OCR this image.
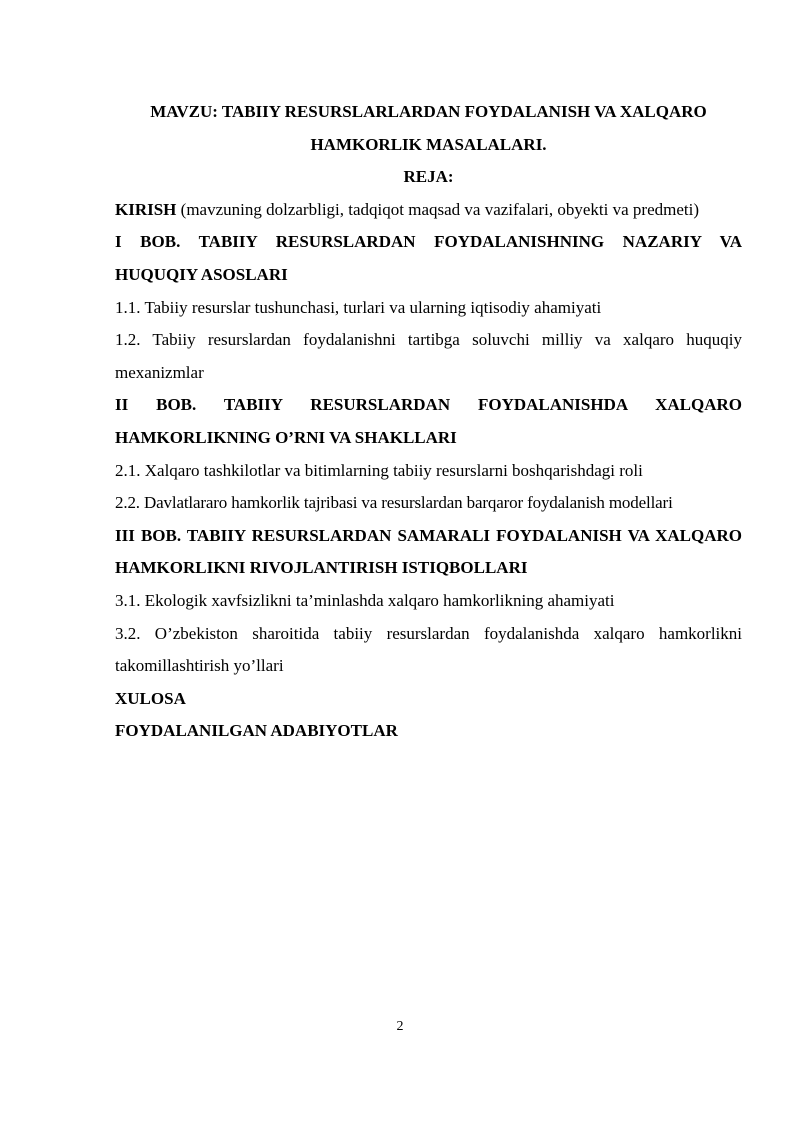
MAVZU: TABIIY RESURSLARLARDAN FOYDALANISH VA XALQARO HAMKORLIK MASALALARI.

REJA:

KIRISH (mavzuning dolzarbligi, tadqiqot maqsad va vazifalari, obyekti va predmeti)

I BOB. TABIIY RESURSLARDAN FOYDALANISHNING NAZARIY VA HUQUQIY ASOSLARI

1.1. Tabiiy resurslar tushunchasi, turlari va ularning iqtisodiy ahamiyati

1.2. Tabiiy resurslardan foydalanishni tartibga soluvchi milliy va xalqaro huquqiy mexanizmlar

II BOB. TABIIY RESURSLARDAN FOYDALANISHDA XALQARO HAMKORLIKNING O’RNI VA SHAKLLARI

2.1. Xalqaro tashkilotlar va bitimlarning tabiiy resurslarni boshqarishdagi roli

2.2. Davlatlararo hamkorlik tajribasi va resurslardan barqaror foydalanish modellari

III BOB. TABIIY RESURSLARDAN SAMARALI FOYDALANISH VA XALQARO HAMKORLIKNI RIVOJLANTIRISH ISTIQBOLLARI

3.1. Ekologik xavfsizlikni ta’minlashda xalqaro hamkorlikning ahamiyati

3.2. O’zbekiston sharoitida tabiiy resurslardan foydalanishda xalqaro hamkorlikni takomillashtirish yo’llari

XULOSA

FOYDALANILGAN ADABIYOTLAR

2
